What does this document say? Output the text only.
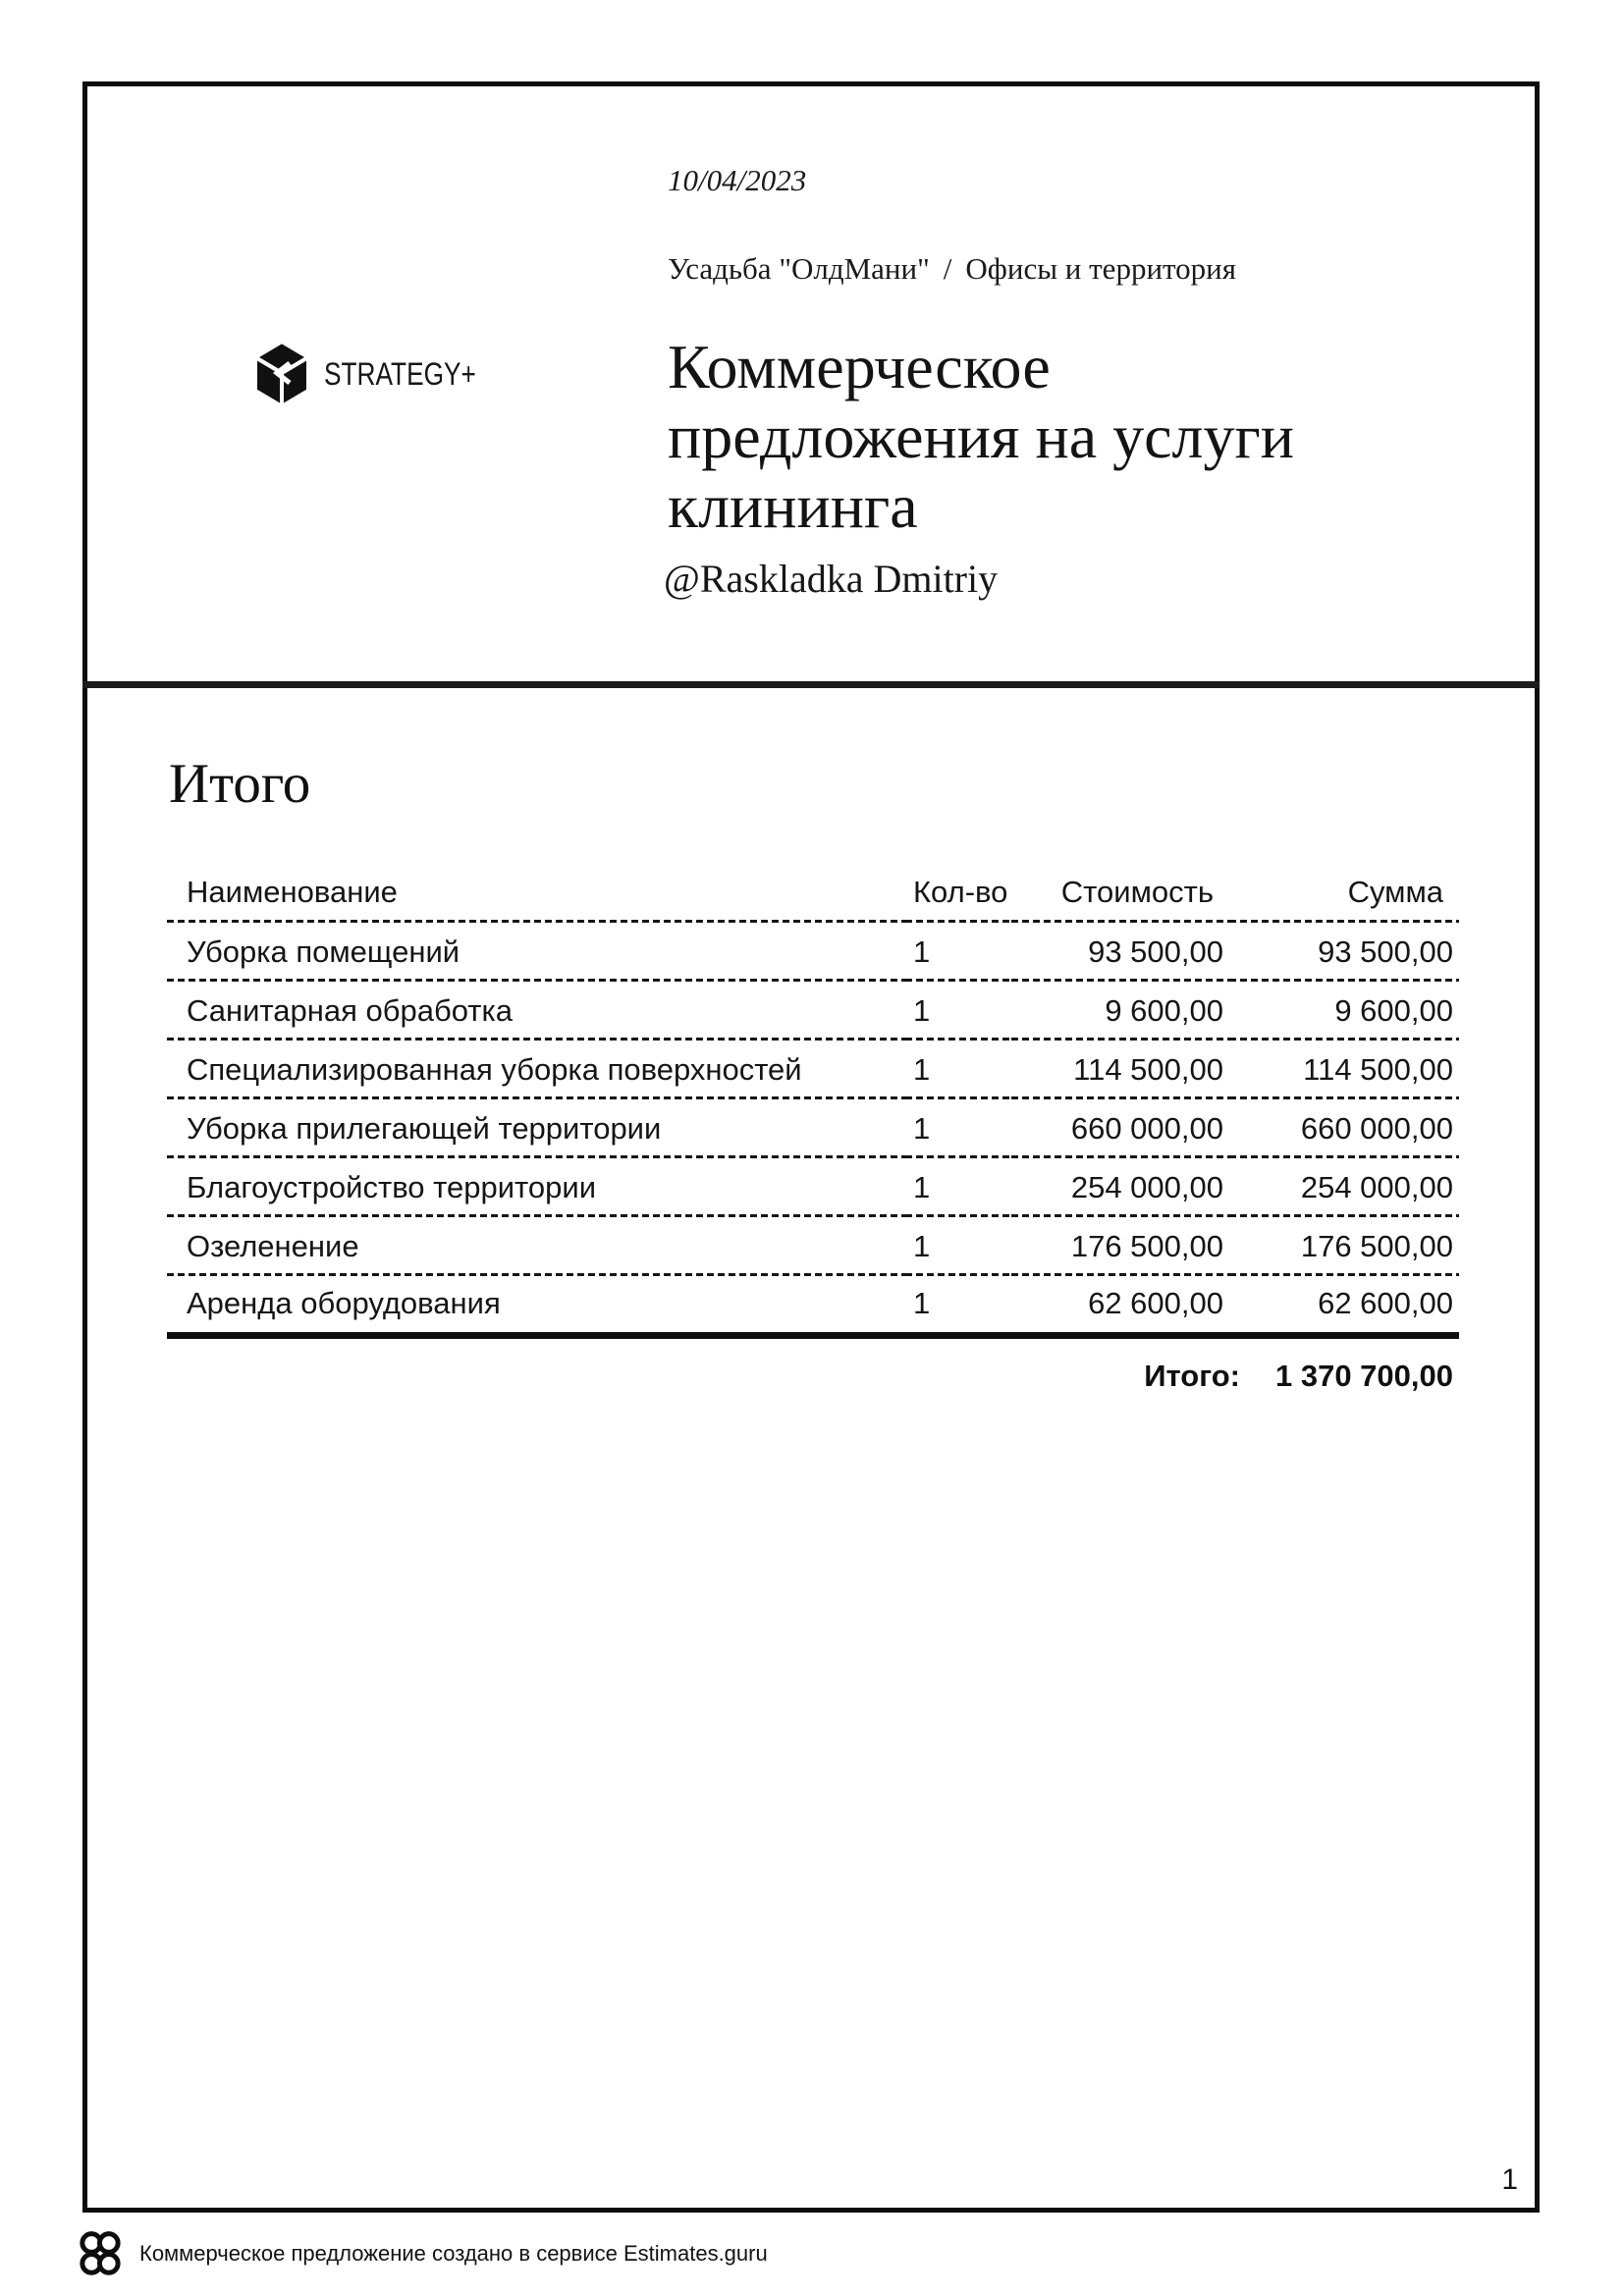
STRATEGY+
10/04/2023
Усадьба "ОлдМани" / Офисы и территория
Коммерческое
предложения на услуги
клининга
@Raskladka Dmitriy
Итого
Наименование	Кол-во	Стоимость	Сумма
Уборка помещений	1	93 500,00	93 500,00
Санитарная обработка	1	9 600,00	9 600,00
Специализированная уборка поверхностей	1	114 500,00	114 500,00
Уборка прилегающей территории	1	660 000,00	660 000,00
Благоустройство территории	1	254 000,00	254 000,00
Озеленение	1	176 500,00	176 500,00
Аренда оборудования	1	62 600,00	62 600,00
Итого: 1 370 700,00
1
Коммерческое предложение создано в сервисе Estimates.guru
